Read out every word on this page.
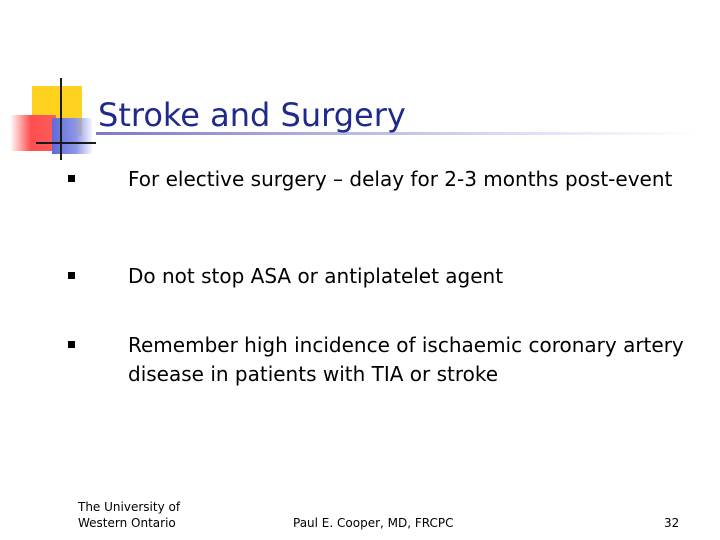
Stroke and Surgery
For elective surgery – delay for 2-3 months post-event
Do not stop ASA or antiplatelet agent
Remember high incidence of ischaemic coronary artery disease in patients with TIA or stroke
The University of
Western Ontario	Paul E. Cooper, MD, FRCPC	32
